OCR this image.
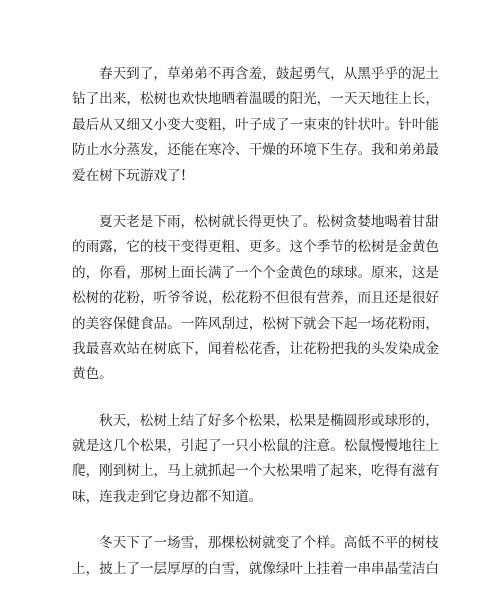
春天到了，草弟弟不再含羞，鼓起勇气，从黑乎乎的泥土
钻了出来，松树也欢快地晒着温暖的阳光，一天天地往上长，
最后从又细又小变大变粗，叶子成了一束束的针状叶。针叶能
防止水分蒸发，还能在寒冷、干燥的环境下生存。我和弟弟最
爱在树下玩游戏了!
夏天老是下雨，松树就长得更快了。松树贪婪地喝着甘甜
的雨露，它的枝干变得更粗、更多。这个季节的松树是金黄色
的，你看，那树上面长满了一个个金黄色的球球。原来，这是
松树的花粉，听爷爷说，松花粉不但很有营养，而且还是很好
的美容保健食品。一阵风刮过，松树下就会下起一场花粉雨，
我最喜欢站在树底下，闻着松花香，让花粉把我的头发染成金
黄色。
秋天，松树上结了好多个松果，松果是椭圆形或球形的，
就是这几个松果，引起了一只小松鼠的注意。松鼠慢慢地往上
爬，刚到树上，马上就抓起一个大松果啃了起来，吃得有滋有
味，连我走到它身边都不知道。
冬天下了一场雪，那棵松树就变了个样。高低不平的树枝
上，披上了一层厚厚的白雪，就像绿叶上挂着一串串晶莹洁白
